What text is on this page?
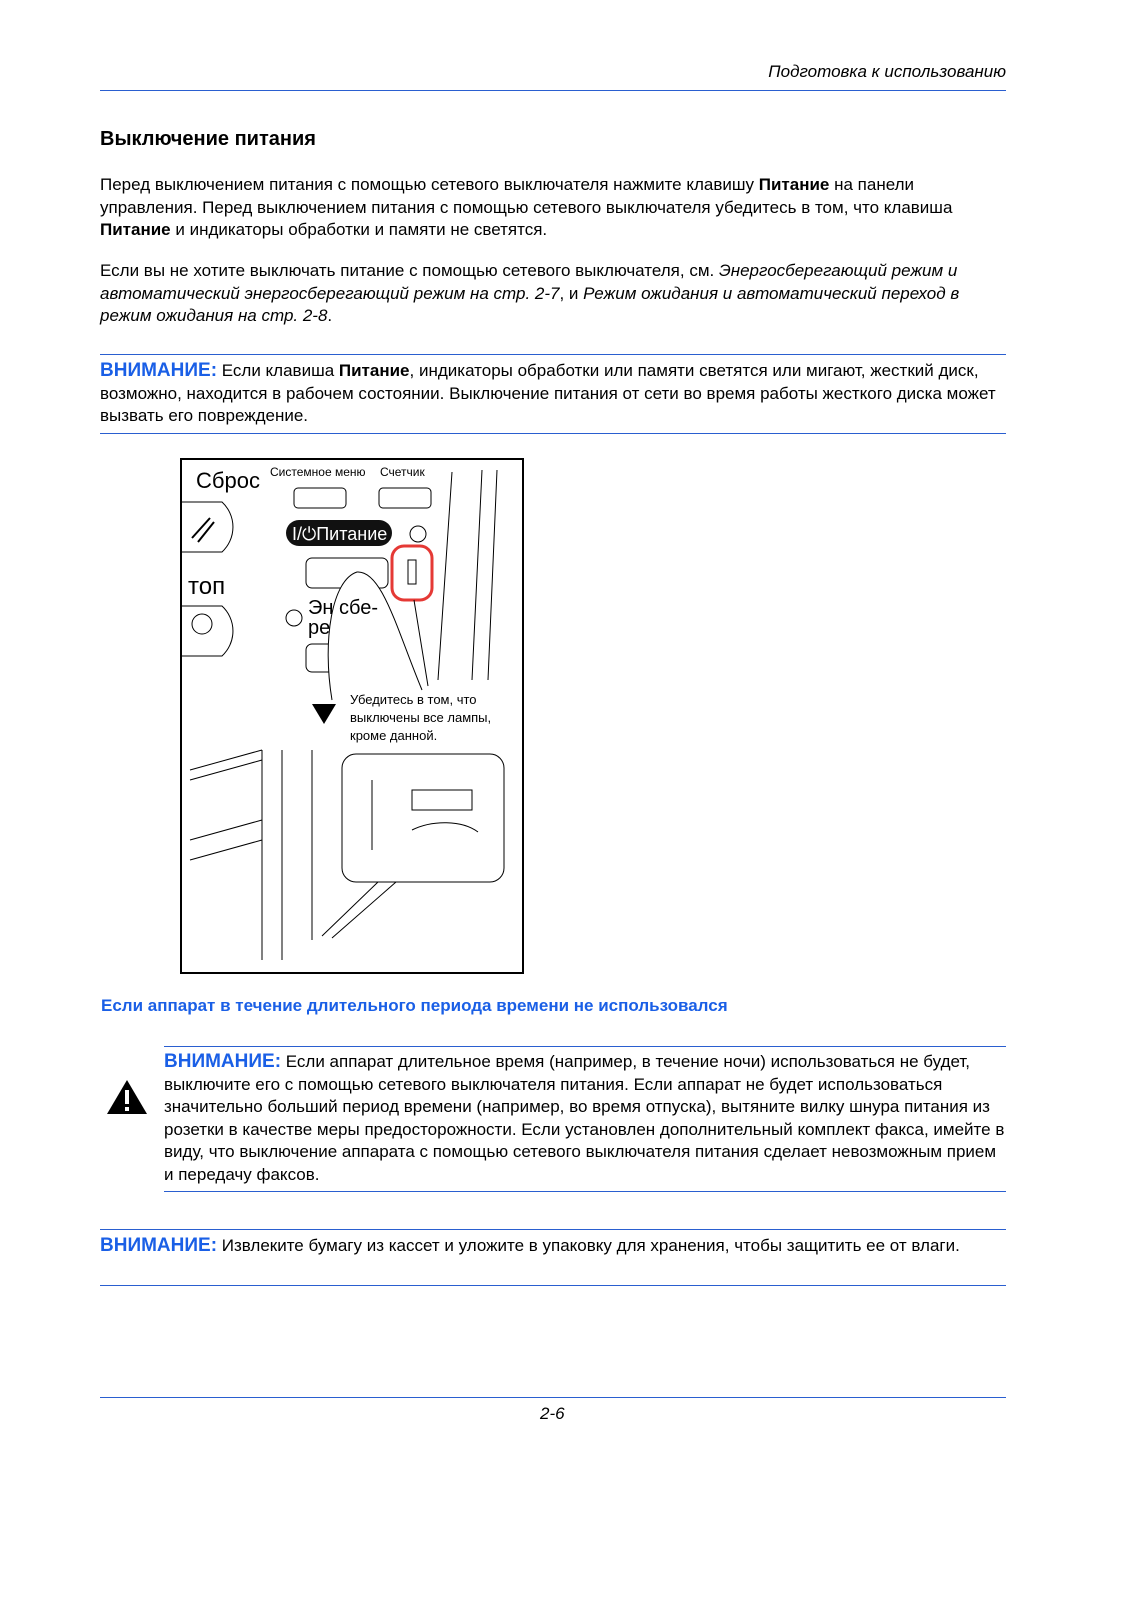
Подготовка к использованию
Выключение питания
Перед выключением питания с помощью сетевого выключателя нажмите клавишу Питание на панели управления. Перед выключением питания с помощью сетевого выключателя убедитесь в том, что клавиша Питание и индикаторы обработки и памяти не светятся.
Если вы не хотите выключать питание с помощью сетевого выключателя, см. Энергосберегающий режим и автоматический энергосберегающий режим на стр. 2-7, и Режим ожидания и автоматический переход в режим ожидания на стр. 2-8.
ВНИМАНИЕ: Если клавиша Питание, индикаторы обработки или памяти светятся или мигают, жесткий диск, возможно, находится в рабочем состоянии. Выключение питания от сети во время работы жесткого диска может вызвать его повреждение.
Сброс Системное меню Счетчик
I/⏻Питание
топ
Эн сбе-
ре
Убедитесь в том, что
выключены все лампы,
кроме данной.
Если аппарат в течение длительного периода времени не использовался
ВНИМАНИЕ: Если аппарат длительное время (например, в течение ночи) использоваться не будет, выключите его с помощью сетевого выключателя питания. Если аппарат не будет использоваться значительно больший период времени (например, во время отпуска), вытяните вилку шнура питания из розетки в качестве меры предосторожности. Если установлен дополнительный комплект факса, имейте в виду, что выключение аппарата с помощью сетевого выключателя питания сделает невозможным прием и передачу факсов.
ВНИМАНИЕ: Извлеките бумагу из кассет и уложите в упаковку для хранения, чтобы защитить ее от влаги.
2-6
